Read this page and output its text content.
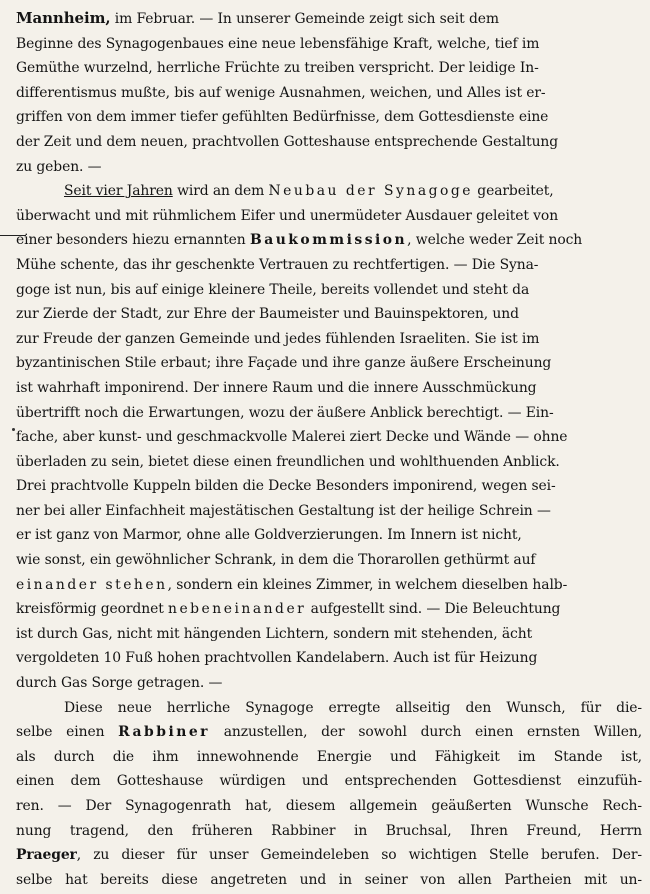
Mannheim, im Februar. — In unserer Gemeinde zeigt sich seit dem
Beginne des Synagogenbaues eine neue lebensfähige Kraft, welche, tief im
Gemüthe wurzelnd, herrliche Früchte zu treiben verspricht. Der leidige In-
differentismus mußte, bis auf wenige Ausnahmen, weichen, und Alles ist er-
griffen von dem immer tiefer gefühlten Bedürfnisse, dem Gottesdienste eine
der Zeit und dem neuen, prachtvollen Gotteshause entsprechende Gestaltung
zu geben. —

Seit vier Jahren wird an dem Neubau der Synagoge gearbeitet,
überwacht und mit rühmlichem Eifer und unermüdeter Ausdauer geleitet von
einer besonders hiezu ernannten Baukommission, welche weder Zeit noch
Mühe schente, das ihr geschenkte Vertrauen zu rechtfertigen. — Die Syna-
goge ist nun, bis auf einige kleinere Theile, bereits vollendet und steht da
zur Zierde der Stadt, zur Ehre der Baumeister und Bauinspektoren, und
zur Freude der ganzen Gemeinde und jedes fühlenden Israeliten. Sie ist im
byzantinischen Stile erbaut; ihre Façade und ihre ganze äußere Erscheinung
ist wahrhaft imponirend. Der innere Raum und die innere Ausschmückung
übertrifft noch die Erwartungen, wozu der äußere Anblick berechtigt. — Ein-
fache, aber kunst- und geschmackvolle Malerei ziert Decke und Wände — ohne
überladen zu sein, bietet diese einen freundlichen und wohlthuenden Anblick.
Drei prachtvolle Kuppeln bilden die Decke Besonders imponirend, wegen sei-
ner bei aller Einfachheit majestätischen Gestaltung ist der heilige Schrein —
er ist ganz von Marmor, ohne alle Goldverzierungen. Im Innern ist nicht,
wie sonst, ein gewöhnlicher Schrank, in dem die Thorarollen gethürmt auf
einander stehen, sondern ein kleines Zimmer, in welchem dieselben halb-
kreisförmig geordnet nebeneinander aufgestellt sind. — Die Beleuchtung
ist durch Gas, nicht mit hängenden Lichtern, sondern mit stehenden, ächt
vergoldeten 10 Fuß hohen prachtvollen Kandelabern. Auch ist für Heizung
durch Gas Sorge getragen. —

Diese neue herrliche Synagoge erregte allseitig den Wunsch, für die-
selbe einen Rabbiner anzustellen, der sowohl durch einen ernsten Willen,
als durch die ihm innewohnende Energie und Fähigkeit im Stande ist,
einen dem Gotteshause würdigen und entsprechenden Gottesdienst einzufüh-
ren. — Der Synagogenrath hat, diesem allgemein geäußerten Wunsche Rech-
nung tragend, den früheren Rabbiner in Bruchsal, Ihren Freund, Herrn
Praeger, zu dieser für unser Gemeindeleben so wichtigen Stelle berufen. Der-
selbe hat bereits diese angetreten und in seiner von allen Partheien mit un-
